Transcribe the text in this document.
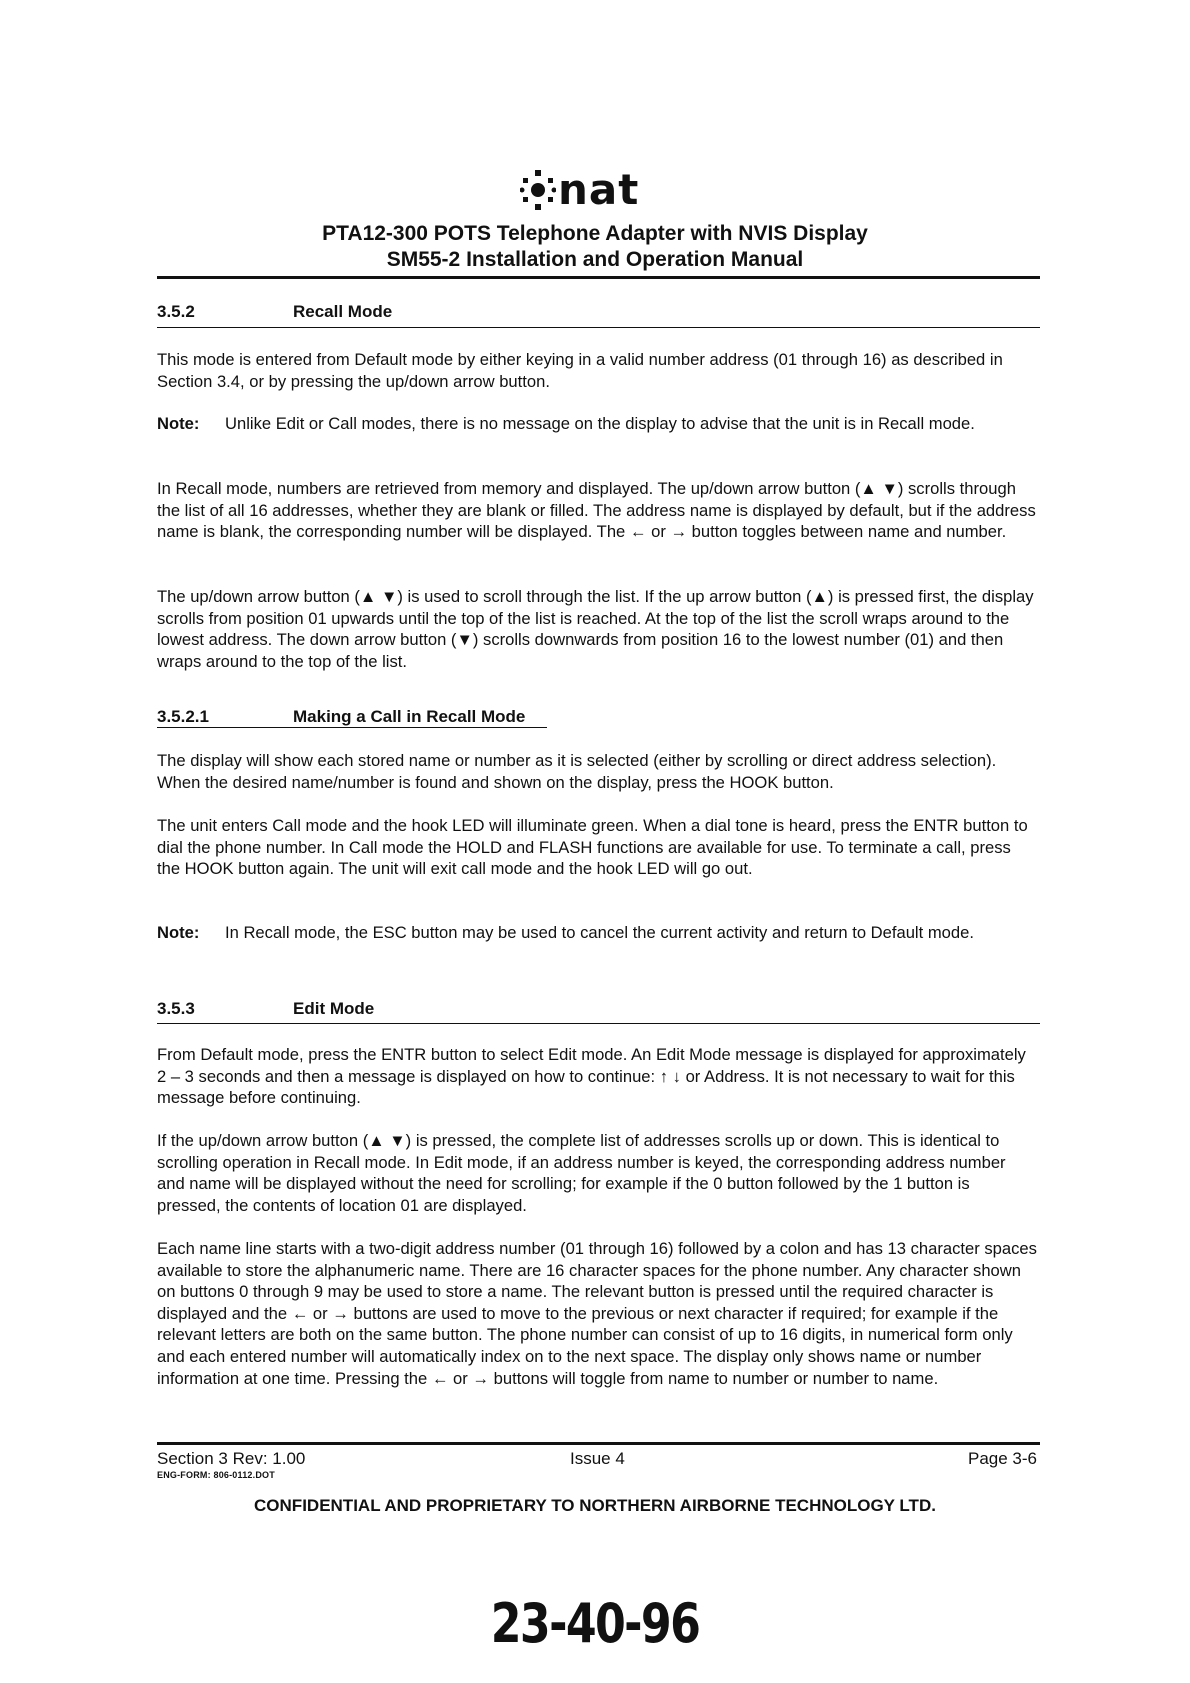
nat
PTA12-300 POTS Telephone Adapter with NVIS Display
SM55-2 Installation and Operation Manual
3.5.2	Recall Mode
This mode is entered from Default mode by either keying in a valid number address (01 through 16) as described in Section 3.4, or by pressing the up/down arrow button.
Note: Unlike Edit or Call modes, there is no message on the display to advise that the unit is in Recall mode.
In Recall mode, numbers are retrieved from memory and displayed. The up/down arrow button (▲ ▼) scrolls through the list of all 16 addresses, whether they are blank or filled. The address name is displayed by default, but if the address name is blank, the corresponding number will be displayed. The ← or → button toggles between name and number.
The up/down arrow button (▲ ▼) is used to scroll through the list. If the up arrow button (▲) is pressed first, the display scrolls from position 01 upwards until the top of the list is reached. At the top of the list the scroll wraps around to the lowest address. The down arrow button (▼) scrolls downwards from position 16 to the lowest number (01) and then wraps around to the top of the list.
3.5.2.1	Making a Call in Recall Mode
The display will show each stored name or number as it is selected (either by scrolling or direct address selection). When the desired name/number is found and shown on the display, press the HOOK button.
The unit enters Call mode and the hook LED will illuminate green. When a dial tone is heard, press the ENTR button to dial the phone number. In Call mode the HOLD and FLASH functions are available for use. To terminate a call, press the HOOK button again. The unit will exit call mode and the hook LED will go out.
Note: In Recall mode, the ESC button may be used to cancel the current activity and return to Default mode.
3.5.3	Edit Mode
From Default mode, press the ENTR button to select Edit mode. An Edit Mode message is displayed for approximately 2 – 3 seconds and then a message is displayed on how to continue: ↑ ↓ or Address. It is not necessary to wait for this message before continuing.
If the up/down arrow button (▲ ▼) is pressed, the complete list of addresses scrolls up or down. This is identical to scrolling operation in Recall mode. In Edit mode, if an address number is keyed, the corresponding address number and name will be displayed without the need for scrolling; for example if the 0 button followed by the 1 button is pressed, the contents of location 01 are displayed.
Each name line starts with a two-digit address number (01 through 16) followed by a colon and has 13 character spaces available to store the alphanumeric name. There are 16 character spaces for the phone number. Any character shown on buttons 0 through 9 may be used to store a name. The relevant button is pressed until the required character is displayed and the ← or → buttons are used to move to the previous or next character if required; for example if the relevant letters are both on the same button. The phone number can consist of up to 16 digits, in numerical form only and each entered number will automatically index on to the next space. The display only shows name or number information at one time. Pressing the ← or → buttons will toggle from name to number or number to name.
Section 3 Rev: 1.00
ENG-FORM: 806-0112.DOT
Issue 4	Page 3-6
CONFIDENTIAL AND PROPRIETARY TO NORTHERN AIRBORNE TECHNOLOGY LTD.
23-40-96
